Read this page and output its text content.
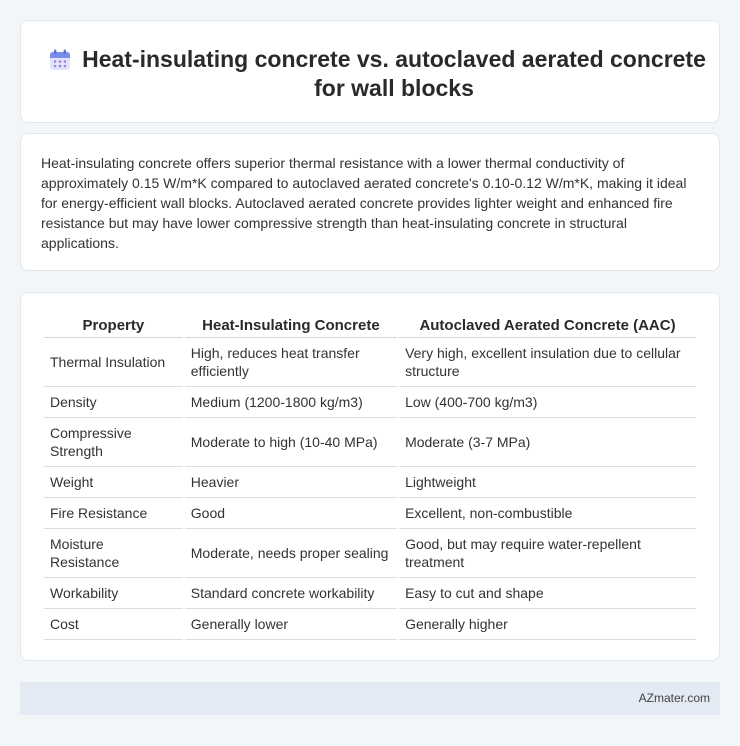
Heat-insulating concrete vs. autoclaved aerated concrete for wall blocks

Heat-insulating concrete offers superior thermal resistance with a lower thermal conductivity of approximately 0.15 W/m*K compared to autoclaved aerated concrete's 0.10-0.12 W/m*K, making it ideal for energy-efficient wall blocks. Autoclaved aerated concrete provides lighter weight and enhanced fire resistance but may have lower compressive strength than heat-insulating concrete in structural applications.

Property	Heat-Insulating Concrete	Autoclaved Aerated Concrete (AAC)
Thermal Insulation	High, reduces heat transfer efficiently	Very high, excellent insulation due to cellular structure
Density	Medium (1200-1800 kg/m3)	Low (400-700 kg/m3)
Compressive Strength	Moderate to high (10-40 MPa)	Moderate (3-7 MPa)
Weight	Heavier	Lightweight
Fire Resistance	Good	Excellent, non-combustible
Moisture Resistance	Moderate, needs proper sealing	Good, but may require water-repellent treatment
Workability	Standard concrete workability	Easy to cut and shape
Cost	Generally lower	Generally higher
AZmater.com
